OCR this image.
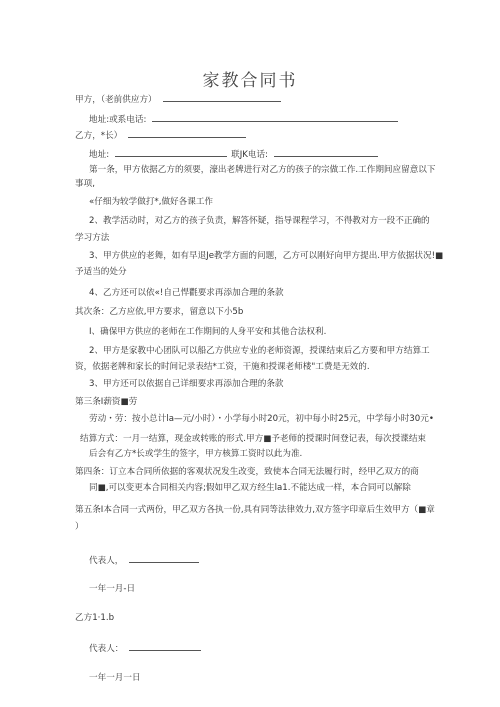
家教合同书
甲方，（老前供应方）
地址:或系电话:
乙方，*长）
地址:	联JK电话:
第一条，甲方依据乙方的须要，濠出老牌进行对乙方的孩子的宗做工作.工作期间应留意以下
事项,
«仔细为较学做打*,做好各课工作
2、教学活动时，对乙方的孩子负责，解答怀疑，指导课程学习，不得教对方一段不正确的
学习方法
3、甲方供应的老舞，如有早退Je教学方面的问题，乙方可以刚好向甲方提出.甲方依据状况!■
予适当的处分
4、乙方还可以依«!自己悍氍要求再添加合理的条款
其次条：乙方应依,甲方要求，留意以下小5b
I、确保甲方供应的老师在工作期间的人身平安和其他合法权利.
2、甲方是家教中心团队可以船乙方供应专业的老师资源，授课结束后乙方要和甲方结算工
资，依据老牌和家长的时间记录表结*工资，干施和授课老师楼"工费是无效的.
3、甲方还可以依据自己详细要求再添加合理的条款
第三条I薪资■劳
劳动・劳：按小总计la—元/小时）・小学每小时20元，初中每小时25元，中学每小时30元•
结算方式：一月一结算，现金或转账的形式.甲方■予老师的授课时间登记表，每次授谍结束
后会有乙方*长或学生的签字，甲方核算工资时以此为准.
第四条：订立本合同所依据的客观状况发生改变，致使本合同无法履行时，经甲乙双方的商
同■,可以变更本合同相关内容;假如甲乙双方经生la1.不能达成一样，本合同可以解除
第五条I本合同一式两份，甲乙双方各执一份,具有同等法律效力,双方签字印章后生效甲方（■章
）
代表人，
一年一月-日
乙方1·1.b
代表人：
一年一月一日
